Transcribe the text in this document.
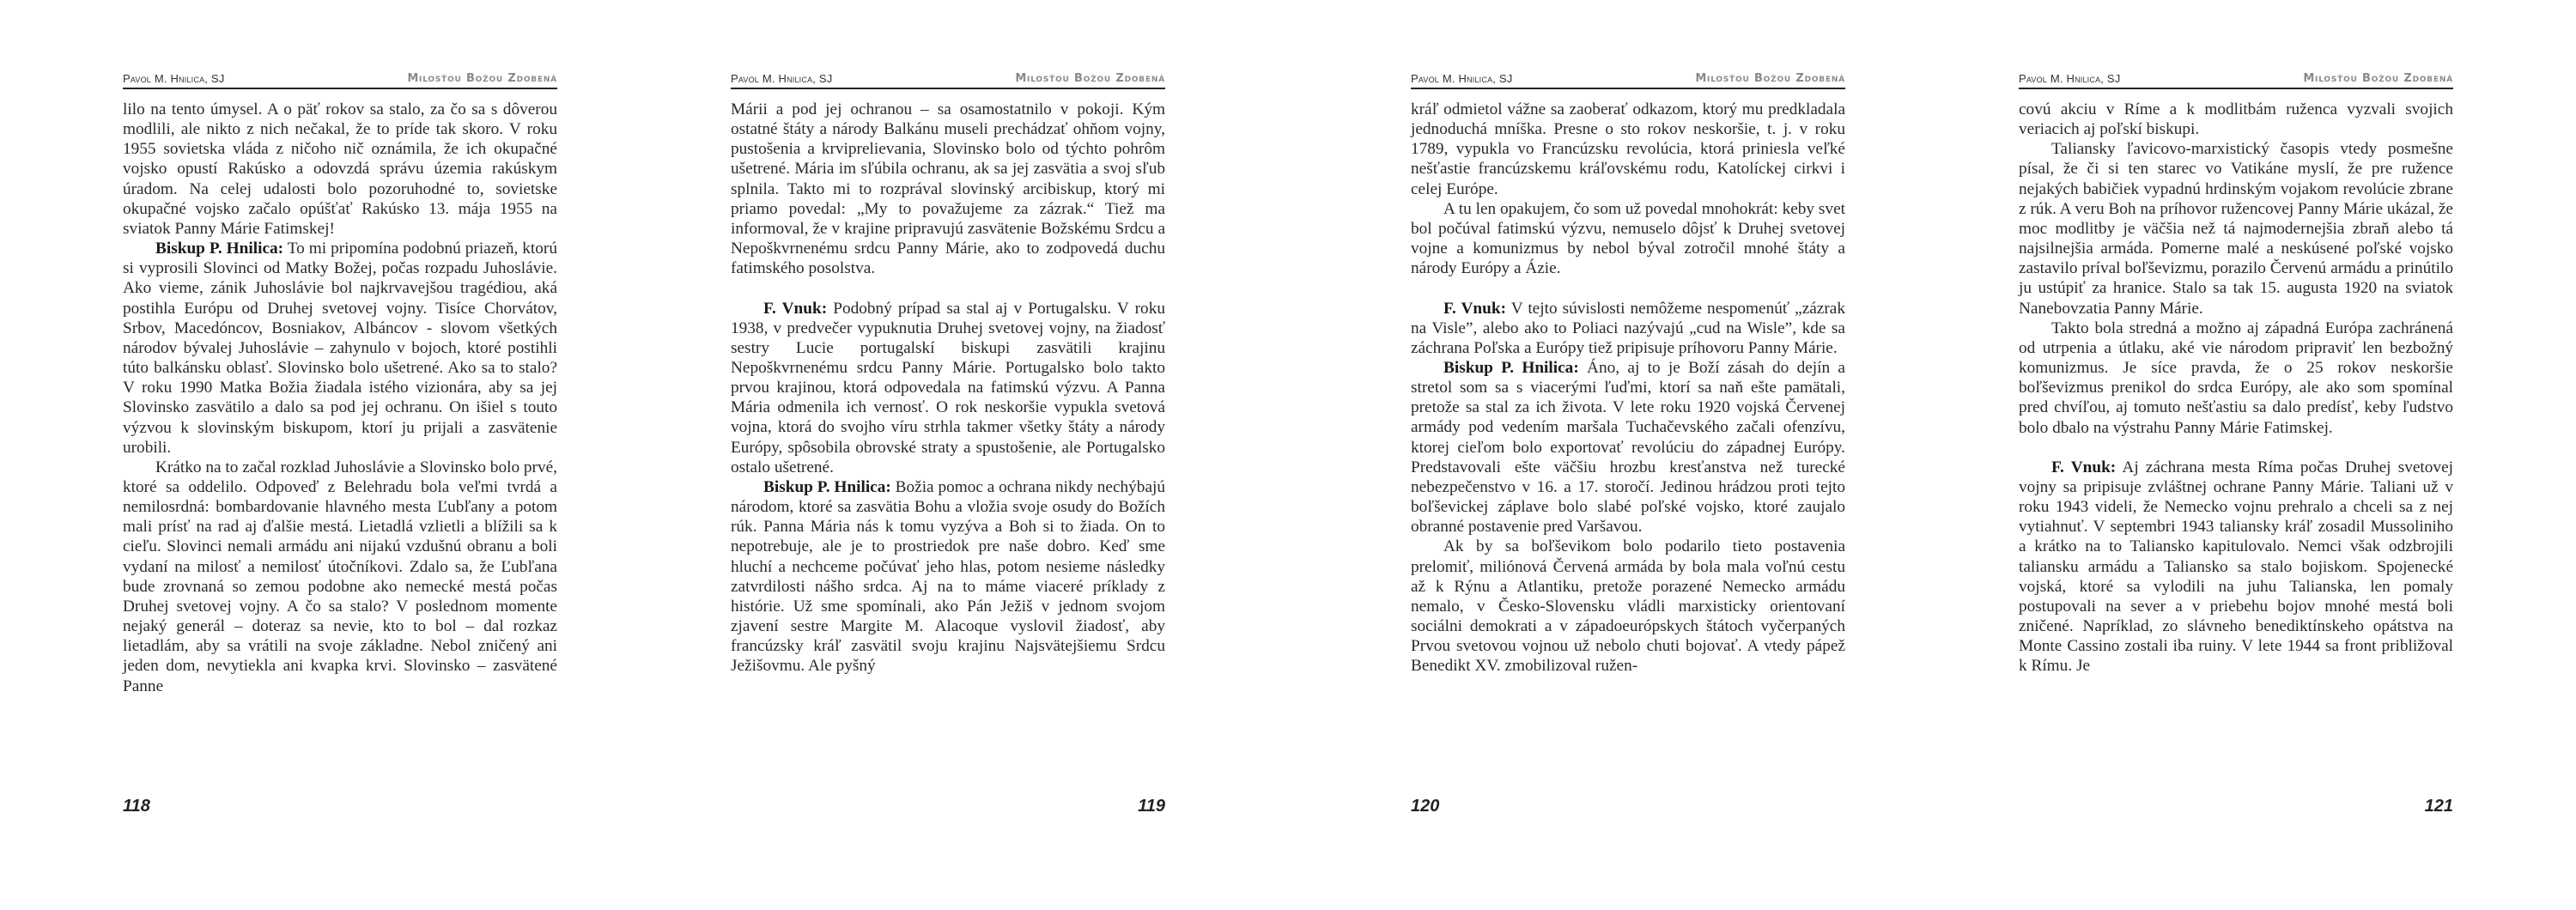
Pavol M. Hnilica, SJ	Milosťou Božou Zdobená

lilo na tento úmysel. A o päť rokov sa stalo, za čo sa s dôverou modlili, ale nikto z nich nečakal, že to príde tak skoro. V roku 1955 sovietska vláda z ničoho nič oznámila, že ich okupačné vojsko opustí Rakúsko a odovzdá správu územia rakúskym úradom. Na celej udalosti bolo pozoruhodné to, sovietske okupačné vojsko začalo opúšťať Rakúsko 13. mája 1955 na sviatok Panny Márie Fatimskej!

Biskup P. Hnilica: To mi pripomína podobnú priazeň, ktorú si vyprosili Slovinci od Matky Božej, počas rozpadu Juhoslávie. Ako vieme, zánik Juhoslávie bol najkrvavejšou tragédiou, aká postihla Európu od Druhej svetovej vojny. Tisíce Chorvátov, Srbov, Macedóncov, Bosniakov, Albáncov - slovom všetkých národov bývalej Juhoslávie – zahynulo v bojoch, ktoré postihli túto balkánsku oblasť. Slovinsko bolo ušetrené. Ako sa to stalo? V roku 1990 Matka Božia žiadala istého vizionára, aby sa jej Slovinsko zasvätilo a dalo sa pod jej ochranu. On išiel s touto výzvou k slovinským biskupom, ktorí ju prijali a zasvätenie urobili.

Krátko na to začal rozklad Juhoslávie a Slovinsko bolo prvé, ktoré sa oddelilo. Odpoveď z Belehradu bola veľmi tvrdá a nemilosrdná: bombardovanie hlavného mesta Ľubľany a potom mali prísť na rad aj ďalšie mestá. Lietadlá vzlietli a blížili sa k cieľu. Slovinci nemali armádu ani nijakú vzdušnú obranu a boli vydaní na milosť a nemilosť útočníkovi. Zdalo sa, že Ľubľana bude zrovnaná so zemou podobne ako nemecké mestá počas Druhej svetovej vojny. A čo sa stalo? V poslednom momente nejaký generál – doteraz sa nevie, kto to bol – dal rozkaz lietadlám, aby sa vrátili na svoje základne. Nebol zničený ani jeden dom, nevytiekla ani kvapka krvi. Slovinsko – zasvätené Panne

118
Pavol M. Hnilica, SJ	Milosťou Božou Zdobená

Márii a pod jej ochranou – sa osamostatnilo v pokoji. Kým ostatné štáty a národy Balkánu museli prechádzať ohňom vojny, pustošenia a krviprelievania, Slovinsko bolo od týchto pohrôm ušetrené. Mária im sľúbila ochranu, ak sa jej zasvätia a svoj sľub splnila. Takto mi to rozprával slovinský arcibiskup, ktorý mi priamo povedal: „My to považujeme za zázrak.“ Tiež ma informoval, že v krajine pripravujú zasvätenie Božskému Srdcu a Nepoškvrnenému srdcu Panny Márie, ako to zodpovedá duchu fatimského posolstva.

F. Vnuk: Podobný prípad sa stal aj v Portugalsku. V roku 1938, v predvečer vypuknutia Druhej svetovej vojny, na žiadosť sestry Lucie portugalskí biskupi zasvätili krajinu Nepoškvrnenému srdcu Panny Márie. Portugalsko bolo takto prvou krajinou, ktorá odpovedala na fatimskú výzvu. A Panna Mária odmenila ich vernosť. O rok neskoršie vypukla svetová vojna, ktorá do svojho víru strhla takmer všetky štáty a národy Európy, spôsobila obrovské straty a spustošenie, ale Portugalsko ostalo ušetrené.

Biskup P. Hnilica: Božia pomoc a ochrana nikdy nechýbajú národom, ktoré sa zasvätia Bohu a vložia svoje osudy do Božích rúk. Panna Mária nás k tomu vyzýva a Boh si to žiada. On to nepotrebuje, ale je to prostriedok pre naše dobro. Keď sme hluchí a nechceme počúvať jeho hlas, potom nesieme následky zatvrdilosti nášho srdca. Aj na to máme viaceré príklady z histórie. Už sme spomínali, ako Pán Ježiš v jednom svojom zjavení sestre Margite M. Alacoque vyslovil žiadosť, aby francúzsky kráľ zasvätil svoju krajinu Najsvätejšiemu Srdcu Ježišovmu. Ale pyšný

119
Pavol M. Hnilica, SJ	Milosťou Božou Zdobená

kráľ odmietol vážne sa zaoberať odkazom, ktorý mu predkladala jednoduchá mníška. Presne o sto rokov neskoršie, t. j. v roku 1789, vypukla vo Francúzsku revolúcia, ktorá priniesla veľké nešťastie francúzskemu kráľovskému rodu, Katolíckej cirkvi i celej Európe.

A tu len opakujem, čo som už povedal mnohokrát: keby svet bol počúval fatimskú výzvu, nemuselo dôjsť k Druhej svetovej vojne a komunizmus by nebol býval zotročil mnohé štáty a národy Európy a Ázie.

F. Vnuk: V tejto súvislosti nemôžeme nespomenúť „zázrak na Visle”, alebo ako to Poliaci nazývajú „cud na Wisle”, kde sa záchrana Poľska a Európy tiež pripisuje príhovoru Panny Márie.

Biskup P. Hnilica: Áno, aj to je Boží zásah do dejín a stretol som sa s viacerými ľuďmi, ktorí sa naň ešte pamätali, pretože sa stal za ich života. V lete roku 1920 vojská Červenej armády pod vedením maršala Tuchačevského začali ofenzívu, ktorej cieľom bolo exportovať revolúciu do západnej Európy. Predstavovali ešte väčšiu hrozbu kresťanstva než turecké nebezpečenstvo v 16. a 17. storočí. Jedinou hrádzou proti tejto boľševickej záplave bolo slabé poľské vojsko, ktoré zaujalo obranné postavenie pred Varšavou.

Ak by sa boľševikom bolo podarilo tieto postavenia prelomiť, miliónová Červená armáda by bola mala voľnú cestu až k Rýnu a Atlantiku, pretože porazené Nemecko armádu nemalo, v Česko-Slovensku vládli marxisticky orientovaní sociálni demokrati a v západoeurópskych štátoch vyčerpaných Prvou svetovou vojnou už nebolo chuti bojovať. A vtedy pápež Benedikt XV. zmobilizoval ružen-

120
Pavol M. Hnilica, SJ	Milosťou Božou Zdobená

covú akciu v Ríme a k modlitbám ruženca vyzvali svojich veriacich aj poľskí biskupi.

Taliansky ľavicovo-marxistický časopis vtedy posmešne písal, že či si ten starec vo Vatikáne myslí, že pre ružence nejakých babičiek vypadnú hrdinským vojakom revolúcie zbrane z rúk. A veru Boh na príhovor ružencovej Panny Márie ukázal, že moc modlitby je väčšia než tá najmodernejšia zbraň alebo tá najsilnejšia armáda. Pomerne malé a neskúsené poľské vojsko zastavilo príval boľševizmu, porazilo Červenú armádu a prinútilo ju ustúpiť za hranice. Stalo sa tak 15. augusta 1920 na sviatok Nanebovzatia Panny Márie.

Takto bola stredná a možno aj západná Európa zachránená od utrpenia a útlaku, aké vie národom pripraviť len bezbožný komunizmus. Je síce pravda, že o 25 rokov neskoršie boľševizmus prenikol do srdca Európy, ale ako som spomínal pred chvíľou, aj tomuto nešťastiu sa dalo predísť, keby ľudstvo bolo dbalo na výstrahu Panny Márie Fatimskej.

F. Vnuk: Aj záchrana mesta Ríma počas Druhej svetovej vojny sa pripisuje zvláštnej ochrane Panny Márie. Taliani už v roku 1943 videli, že Nemecko vojnu prehralo a chceli sa z nej vytiahnuť. V septembri 1943 taliansky kráľ zosadil Mussoliniho a krátko na to Taliansko kapitulovalo. Nemci však odzbrojili taliansku armádu a Taliansko sa stalo bojiskom. Spojenecké vojská, ktoré sa vylodili na juhu Talianska, len pomaly postupovali na sever a v priebehu bojov mnohé mestá boli zničené. Napríklad, zo slávneho benediktínskeho opátstva na Monte Cassino zostali iba ruiny. V lete 1944 sa front približoval k Rímu. Je

121
